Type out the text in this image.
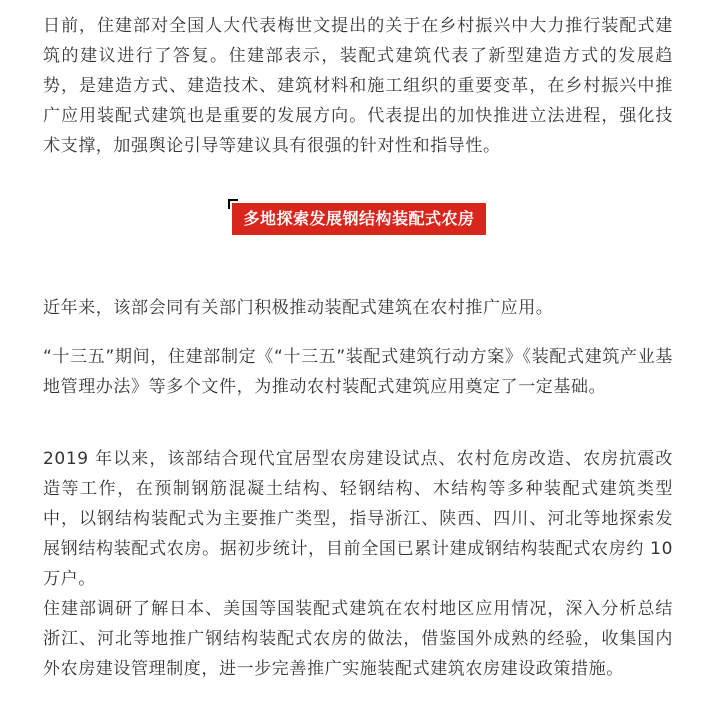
日前，住建部对全国人大代表梅世文提出的关于在乡村振兴中大力推行装配式建筑的建议进行了答复。住建部表示，装配式建筑代表了新型建造方式的发展趋势，是建造方式、建造技术、建筑材料和施工组织的重要变革，在乡村振兴中推广应用装配式建筑也是重要的发展方向。代表提出的加快推进立法进程，强化技术支撑，加强舆论引导等建议具有很强的针对性和指导性。

近年来，该部会同有关部门积极推动装配式建筑在农村推广应用。

“十三五”期间，住建部制定《“十三五”装配式建筑行动方案》《装配式建筑产业基地管理办法》等多个文件，为推动农村装配式建筑应用奠定了一定基础。

2019 年以来，该部结合现代宜居型农房建设试点、农村危房改造、农房抗震改造等工作，在预制钢筋混凝土结构、轻钢结构、木结构等多种装配式建筑类型中，以钢结构装配式为主要推广类型，指导浙江、陕西、四川、河北等地探索发展钢结构装配式农房。据初步统计，目前全国已累计建成钢结构装配式农房约 10 万户。

住建部调研了解日本、美国等国装配式建筑在农村地区应用情况，深入分析总结浙江、河北等地推广钢结构装配式农房的做法，借鉴国外成熟的经验，收集国内外农房建设管理制度，进一步完善推广实施装配式建筑农房建设政策措施。

多地探索发展钢结构装配式农房
